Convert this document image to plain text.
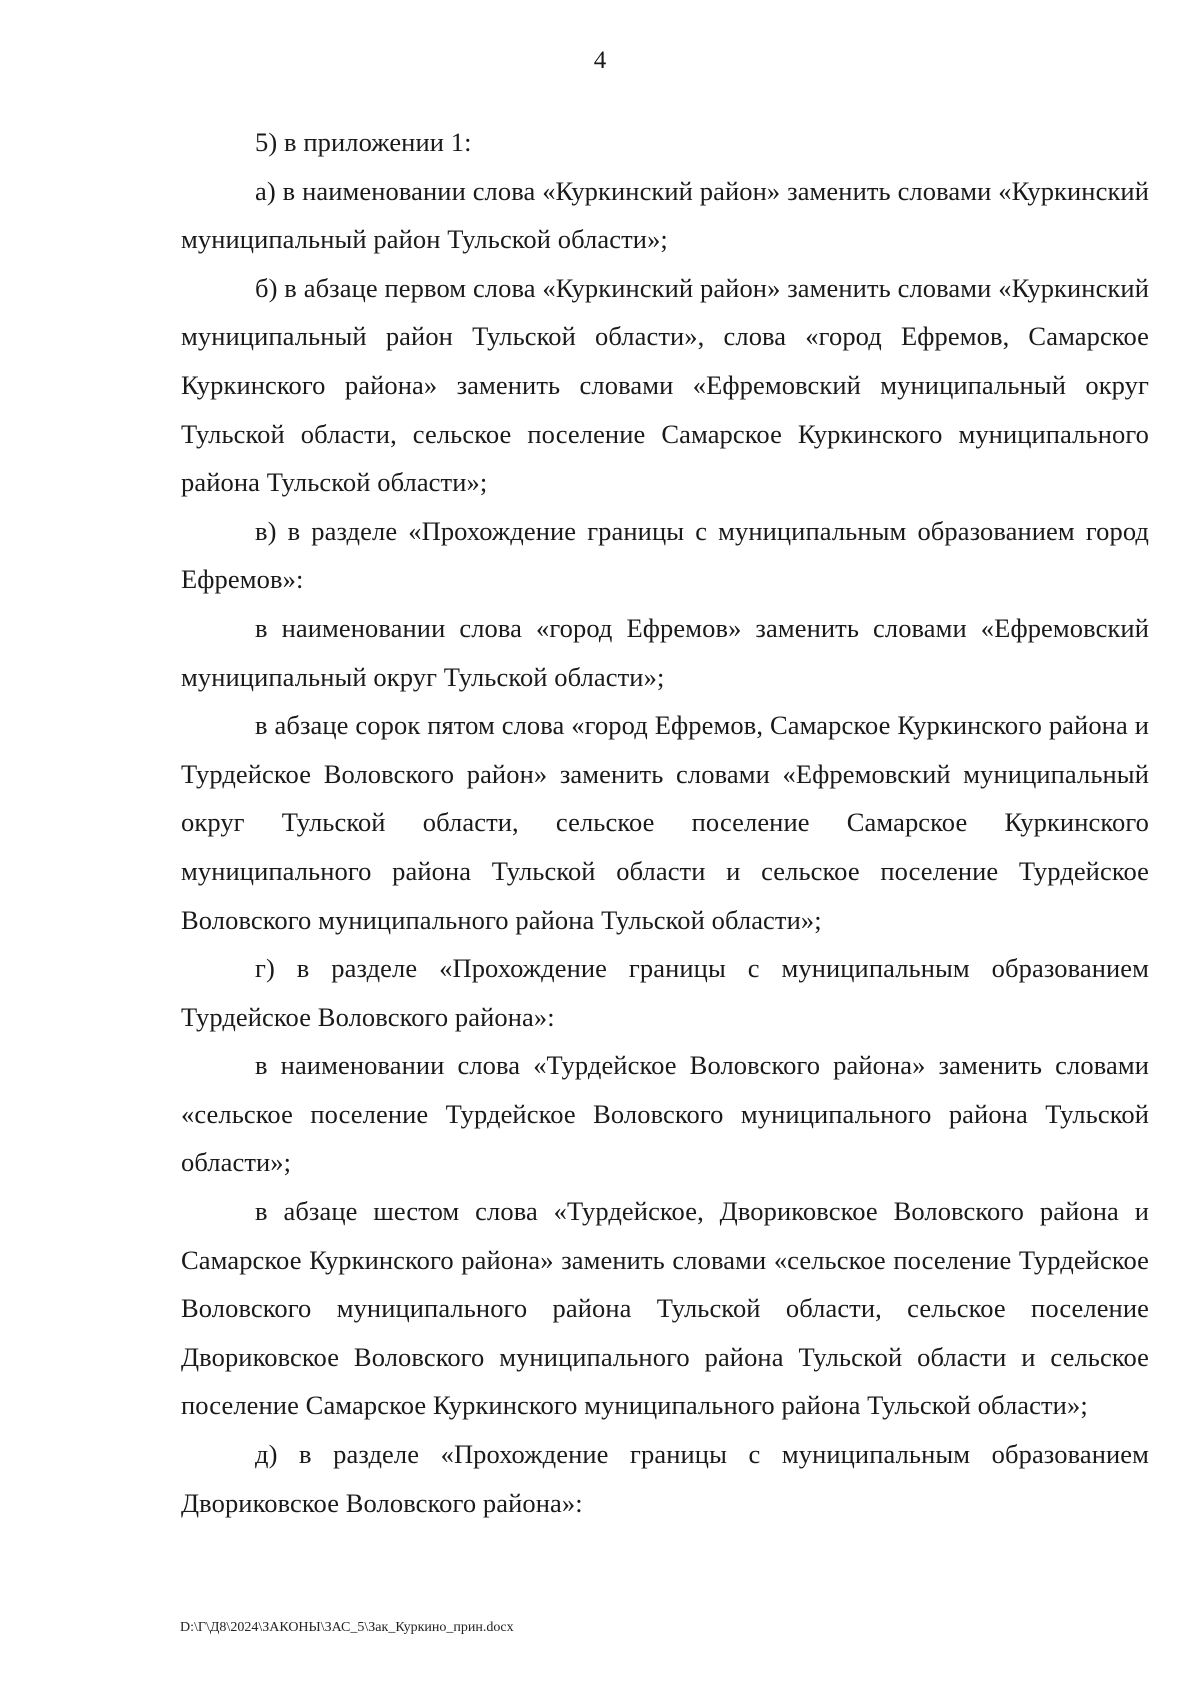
4

5) в приложении 1:

а) в наименовании слова «Куркинский район» заменить словами «Куркинский муниципальный район Тульской области»;

б) в абзаце первом слова «Куркинский район» заменить словами «Куркинский муниципальный район Тульской области», слова «город Ефремов, Самарское Куркинского района» заменить словами «Ефремовский муниципальный округ Тульской области, сельское поселение Самарское Куркинского муниципального района Тульской области»;

в) в разделе «Прохождение границы с муниципальным образованием город Ефремов»:

в наименовании слова «город Ефремов» заменить словами «Ефремовский муниципальный округ Тульской области»;

в абзаце сорок пятом слова «город Ефремов, Самарское Куркинского района и Турдейское Воловского район» заменить словами «Ефремовский муниципальный округ Тульской области, сельское поселение Самарское Куркинского муниципального района Тульской области и сельское поселение Турдейское Воловского муниципального района Тульской области»;

г) в разделе «Прохождение границы с муниципальным образованием Турдейское Воловского района»:

в наименовании слова «Турдейское Воловского района» заменить словами «сельское поселение Турдейское Воловского муниципального района Тульской области»;

в абзаце шестом слова «Турдейское, Двориковское Воловского района и Самарское Куркинского района» заменить словами «сельское поселение Турдейское Воловского муниципального района Тульской области, сельское поселение Двориковское Воловского муниципального района Тульской области и сельское поселение Самарское Куркинского муниципального района Тульской области»;

д) в разделе «Прохождение границы с муниципальным образованием Двориковское Воловского района»:

D:\Г\Д8\2024\ЗАКОНЫ\ЗАС_5\Зак_Куркино_прин.docx
